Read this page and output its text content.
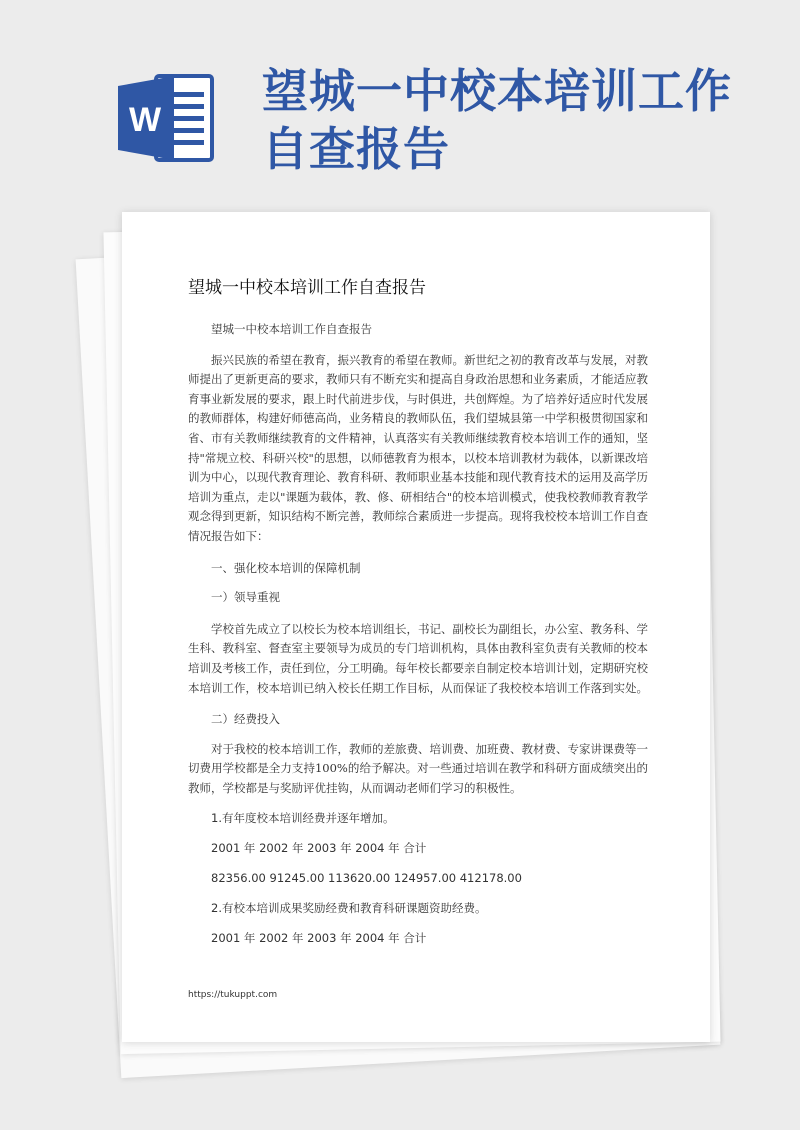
W
望城一中校本培训工作自查报告
望城一中校本培训工作自查报告

望城一中校本培训工作自查报告

振兴民族的希望在教育，振兴教育的希望在教师。新世纪之初的教育改革与发展，对教师提出了更新更高的要求，教师只有不断充实和提高自身政治思想和业务素质，才能适应教育事业新发展的要求，跟上时代前进步伐，与时俱进，共创辉煌。为了培养好适应时代发展的教师群体，构建好师德高尚，业务精良的教师队伍，我们望城县第一中学积极贯彻国家和省、市有关教师继续教育的文件精神，认真落实有关教师继续教育校本培训工作的通知，坚持"常规立校、科研兴校"的思想，以师德教育为根本，以校本培训教材为载体，以新课改培训为中心，以现代教育理论、教育科研、教师职业基本技能和现代教育技术的运用及高学历培训为重点，走以"课题为载体，教、修、研相结合"的校本培训模式，使我校教师教育教学观念得到更新，知识结构不断完善，教师综合素质进一步提高。现将我校校本培训工作自查情况报告如下：

一、强化校本培训的保障机制

一）领导重视

学校首先成立了以校长为校本培训组长，书记、副校长为副组长，办公室、教务科、学生科、教科室、督查室主要领导为成员的专门培训机构，具体由教科室负责有关教师的校本培训及考核工作，责任到位，分工明确。每年校长都要亲自制定校本培训计划，定期研究校本培训工作，校本培训已纳入校长任期工作目标，从而保证了我校校本培训工作落到实处。

二）经费投入

对于我校的校本培训工作，教师的差旅费、培训费、加班费、教材费、专家讲课费等一切费用学校都是全力支持100%的给予解决。对一些通过培训在教学和科研方面成绩突出的教师，学校都是与奖励评优挂钩，从而调动老师们学习的积极性。

1.有年度校本培训经费并逐年增加。

2001 年 2002 年 2003 年 2004 年 合计

82356.00 91245.00 113620.00 124957.00 412178.00

2.有校本培训成果奖励经费和教育科研课题资助经费。

2001 年 2002 年 2003 年 2004 年 合计

https://tukuppt.com
